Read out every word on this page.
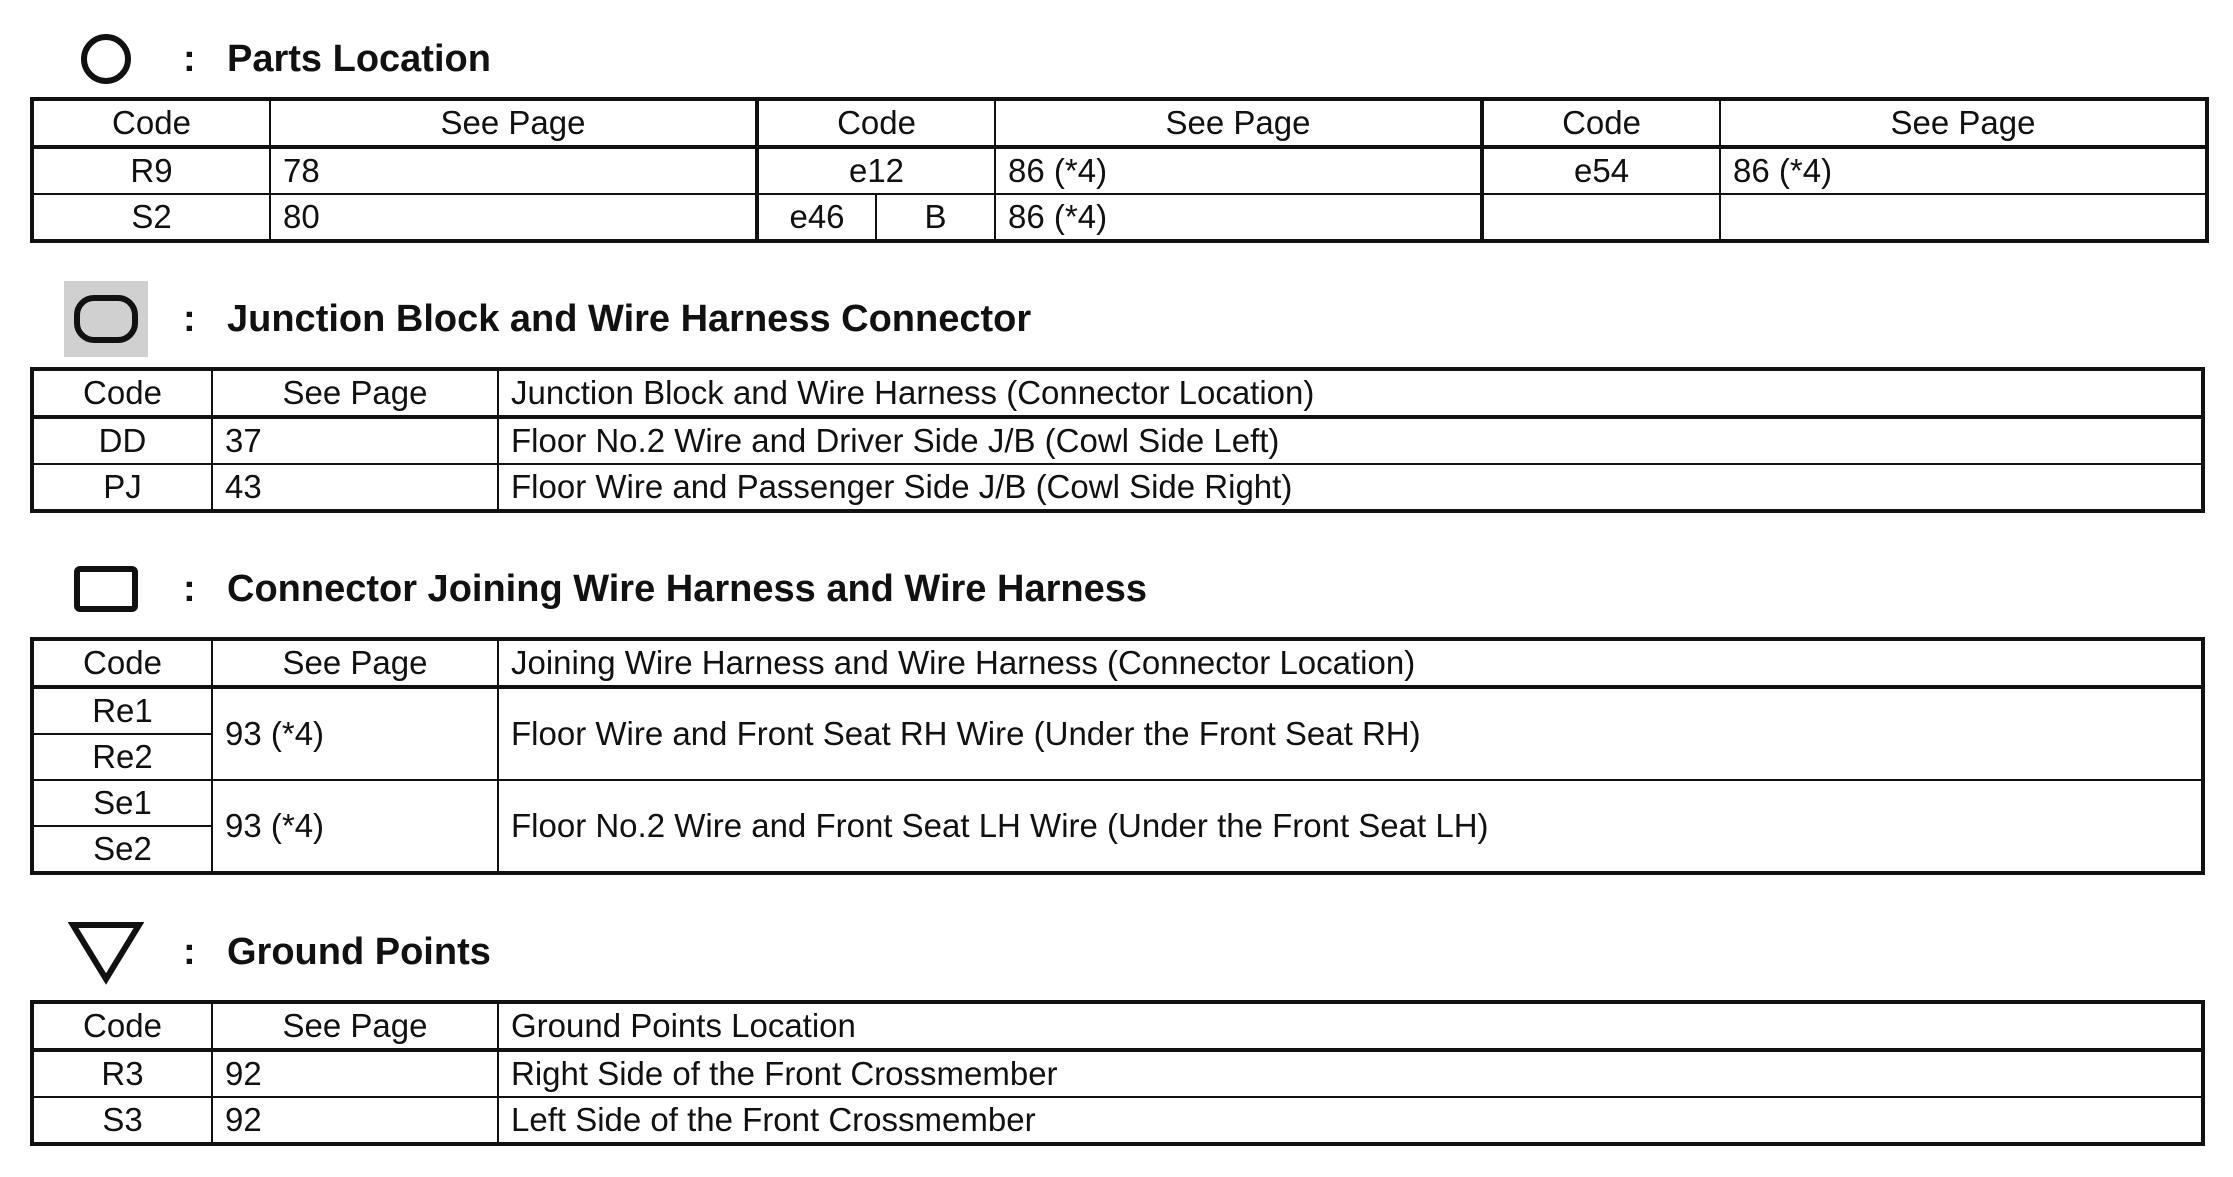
: Parts Location
Code	See Page	Code		See Page	Code	See Page
R9	78	e12		86 (*4)	e54	86 (*4)
S2	80	e46	B	86 (*4)		
: Junction Block and Wire Harness Connector
Code	See Page	Junction Block and Wire Harness (Connector Location)
DD	37	Floor No.2 Wire and Driver Side J/B (Cowl Side Left)
PJ	43	Floor Wire and Passenger Side J/B (Cowl Side Right)
: Connector Joining Wire Harness and Wire Harness
Code	See Page	Joining Wire Harness and Wire Harness (Connector Location)
Re1	93 (*4)	Floor Wire and Front Seat RH Wire (Under the Front Seat RH)
Re2		
Se1	93 (*4)	Floor No.2 Wire and Front Seat LH Wire (Under the Front Seat LH)
Se2		
: Ground Points
Code	See Page	Ground Points Location
R3	92	Right Side of the Front Crossmember
S3	92	Left Side of the Front Crossmember
